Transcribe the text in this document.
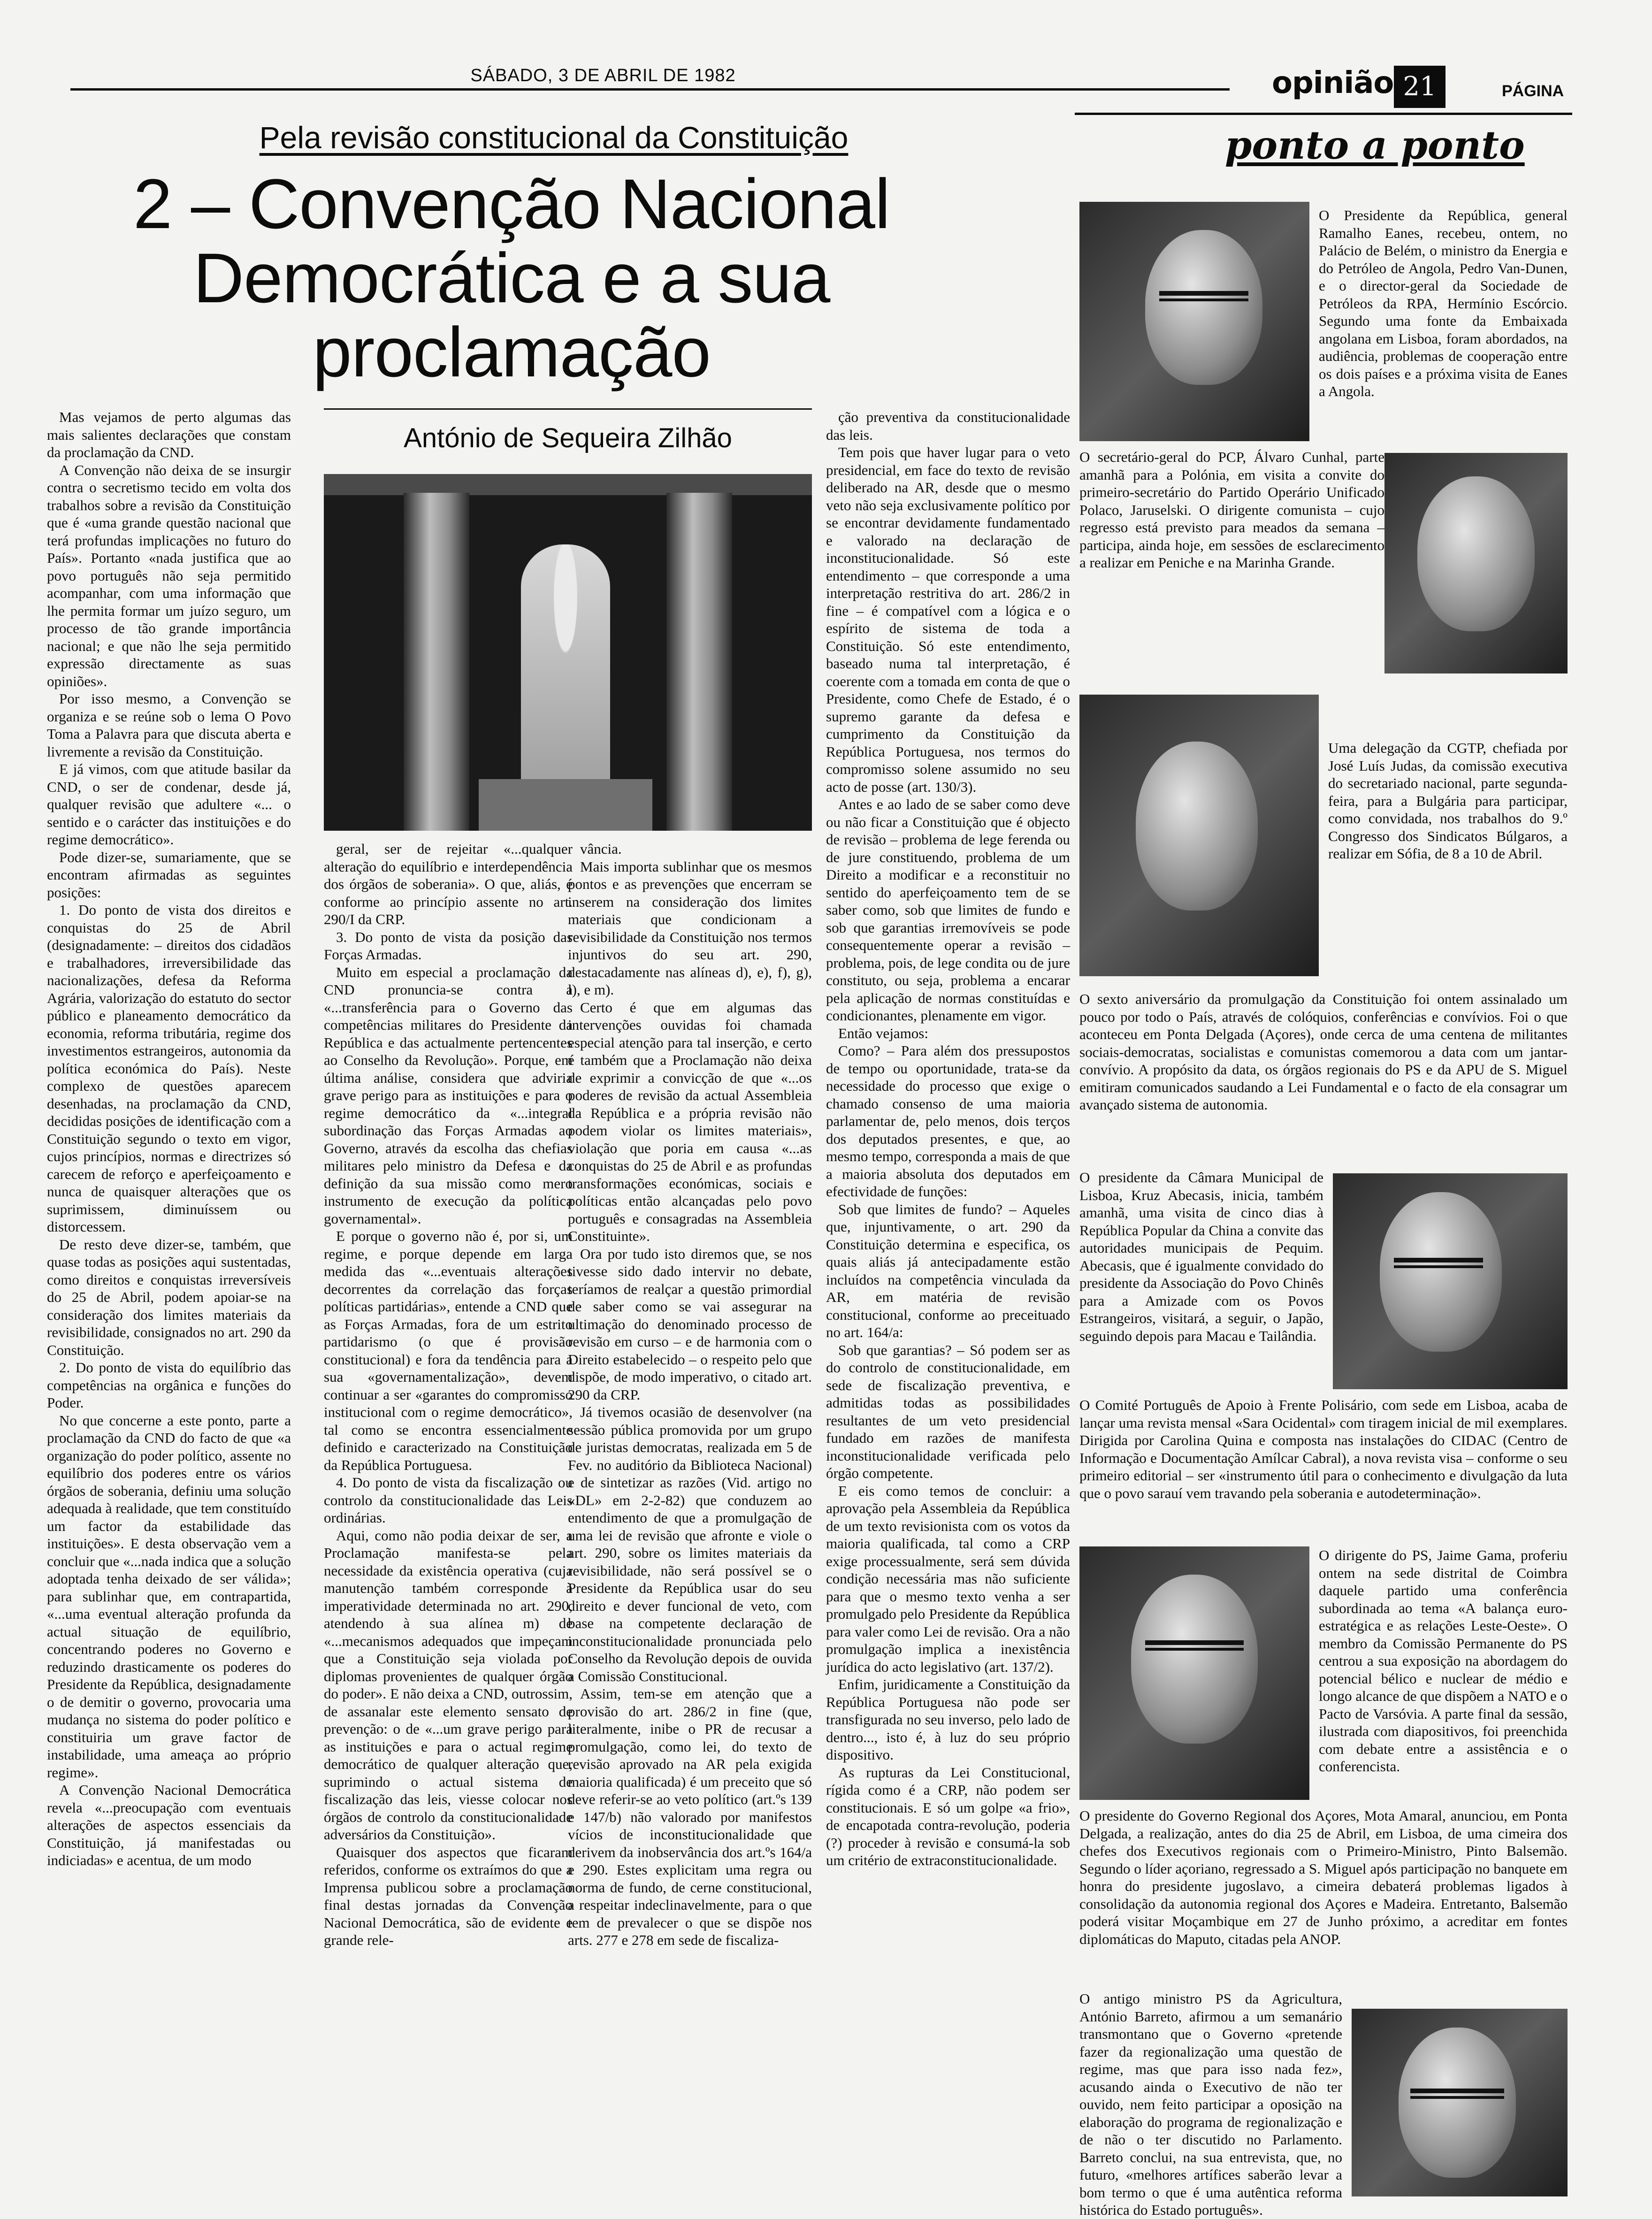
SÁBADO, 3 DE ABRIL DE 1982	opinião 21	PÁGINA
Pela revisão constitucional da Constituição
2 – Convenção Nacional Democrática e a sua proclamação
António de Sequeira Zilhão

Mas vejamos de perto algumas das mais salientes declarações que constam da proclamação da CND.

A Convenção não deixa de se insurgir contra o secretismo tecido em volta dos trabalhos sobre a revisão da Constituição que é «uma grande questão nacional que terá profundas implicações no futuro do País». Portanto «nada justifica que ao povo português não seja permitido acompanhar, com uma informação que lhe permita formar um juízo seguro, um processo de tão grande importância nacional; e que não lhe seja permitido expressão directamente as suas opiniões».

Por isso mesmo, a Convenção se organiza e se reúne sob o lema O Povo Toma a Palavra para que discuta aberta e livremente a revisão da Constituição.

E já vimos, com que atitude basilar da CND, o ser de condenar, desde já, qualquer revisão que adultere «... o sentido e o carácter das instituições e do regime democrático».

Pode dizer-se, sumariamente, que se encontram afirmadas as seguintes posições:

1. Do ponto de vista dos direitos e conquistas do 25 de Abril (designadamente: – direitos dos cidadãos e trabalhadores, irreversibilidade das nacionalizações, defesa da Reforma Agrária, valorização do estatuto do sector público e planeamento democrático da economia, reforma tributária, regime dos investimentos estrangeiros, autonomia da política económica do País). Neste complexo de questões aparecem desenhadas, na proclamação da CND, decididas posições de identificação com a Constituição segundo o texto em vigor, cujos princípios, normas e directrizes só carecem de reforço e aperfeiçoamento e nunca de quaisquer alterações que os suprimissem, diminuíssem ou distorcessem.

De resto deve dizer-se, também, que quase todas as posições aqui sustentadas, como direitos e conquistas irreversíveis do 25 de Abril, podem apoiar-se na consideração dos limites materiais da revisibilidade, consignados no art. 290 da Constituição.

2. Do ponto de vista do equilíbrio das competências na orgânica e funções do Poder.

No que concerne a este ponto, parte a proclamação da CND do facto de que «a organização do poder político, assente no equilíbrio dos poderes entre os vários órgãos de soberania, definiu uma solução adequada à realidade, que tem constituído um factor da estabilidade das instituições». E desta observação vem a concluir que «...nada indica que a solução adoptada tenha deixado de ser válida»; para sublinhar que, em contrapartida, «...uma eventual alteração profunda da actual situação de equilíbrio, concentrando poderes no Governo e reduzindo drasticamente os poderes do Presidente da República, designadamente o de demitir o governo, provocaria uma mudança no sistema do poder político e constituiria um grave factor de instabilidade, uma ameaça ao próprio regime».

A Convenção Nacional Democrática revela «...preocupação com eventuais alterações de aspectos essenciais da Constituição, já manifestadas ou indiciadas» e acentua, de um modo

geral, ser de rejeitar «...qualquer alteração do equilíbrio e interdependência dos órgãos de soberania». O que, aliás, é conforme ao princípio assente no art. 290/I da CRP.

3. Do ponto de vista da posição das Forças Armadas.

Muito em especial a proclamação da CND pronuncia-se contra a «...transferência para o Governo das competências militares do Presidente da República e das actualmente pertencentes ao Conselho da Revolução». Porque, em última análise, considera que adviria grave perigo para as instituições e para o regime democrático da «...integral subordinação das Forças Armadas ao Governo, através da escolha das chefias militares pelo ministro da Defesa e da definição da sua missão como mero instrumento de execução da política governamental».

E porque o governo não é, por si, um regime, e porque depende em larga medida das «...eventuais alterações decorrentes da correlação das forças políticas partidárias», entende a CND que as Forças Armadas, fora de um estrito partidarismo (o que é provisão constitucional) e fora da tendência para a sua «governamentalização», devem continuar a ser «garantes do compromisso institucional com o regime democrático», tal como se encontra essencialmente definido e caracterizado na Constituição da República Portuguesa.

4. Do ponto de vista da fiscalização ou controlo da constitucionalidade das Leis ordinárias.

Aqui, como não podia deixar de ser, a Proclamação manifesta-se pela necessidade da existência operativa (cuja manutenção também corresponde à imperatividade determinada no art. 290, atendendo à sua alínea m) de «...mecanismos adequados que impeçam que a Constituição seja violada por diplomas provenientes de qualquer órgão do poder». E não deixa a CND, outrossim, de assanalar este elemento sensato de prevenção: o de «...um grave perigo para as instituições e para o actual regime democrático de qualquer alteração que, suprimindo o actual sistema de fiscalização das leis, viesse colocar nos órgãos de controlo da constitucionalidade adversários da Constituição».

Quaisquer dos aspectos que ficaram referidos, conforme os extraímos do que a Imprensa publicou sobre a proclamação final destas jornadas da Convenção Nacional Democrática, são de evidente e grande rele-

vância.

Mais importa sublinhar que os mesmos pontos e as prevenções que encerram se inserem na consideração dos limites materiais que condicionam a revisibilidade da Constituição nos termos injuntivos do seu art. 290, destacadamente nas alíneas d), e), f), g), l), e m).

Certo é que em algumas das intervenções ouvidas foi chamada especial atenção para tal inserção, e certo é também que a Proclamação não deixa de exprimir a convicção de que «...os poderes de revisão da actual Assembleia da República e a própria revisão não podem violar os limites materiais», violação que poria em causa «...as conquistas do 25 de Abril e as profundas transformações económicas, sociais e políticas então alcançadas pelo povo português e consagradas na Assembleia Constituinte».

Ora por tudo isto diremos que, se nos tivesse sido dado intervir no debate, teríamos de realçar a questão primordial de saber como se vai assegurar na ultimação do denominado processo de revisão em curso – e de harmonia com o Direito estabelecido – o respeito pelo que dispõe, de modo imperativo, o citado art. 290 da CRP.

Já tivemos ocasião de desenvolver (na sessão pública promovida por um grupo de juristas democratas, realizada em 5 de Fev. no auditório da Biblioteca Nacional) e de sintetizar as razões (Vid. artigo no «DL» em 2-2-82) que conduzem ao entendimento de que a promulgação de uma lei de revisão que afronte e viole o art. 290, sobre os limites materiais da revisibilidade, não será possível se o Presidente da República usar do seu direito e dever funcional de veto, com base na competente declaração de inconstitucionalidade pronunciada pelo Conselho da Revolução depois de ouvida a Comissão Constitucional.

Assim, tem-se em atenção que a provisão do art. 286/2 in fine (que, literalmente, inibe o PR de recusar a promulgação, como lei, do texto de revisão aprovado na AR pela exigida maioria qualificada) é um preceito que só deve referir-se ao veto político (art.ºs 139 e 147/b) não valorado por manifestos vícios de inconstitucionalidade que derivem da inobservância dos art.ºs 164/a e 290. Estes explicitam uma regra ou norma de fundo, de cerne constitucional, a respeitar indeclinavelmente, para o que tem de prevalecer o que se dispõe nos arts. 277 e 278 em sede de fiscaliza-

ção preventiva da constitucionalidade das leis.

Tem pois que haver lugar para o veto presidencial, em face do texto de revisão deliberado na AR, desde que o mesmo veto não seja exclusivamente político por se encontrar devidamente fundamentado e valorado na declaração de inconstitucionalidade. Só este entendimento – que corresponde a uma interpretação restritiva do art. 286/2 in fine – é compatível com a lógica e o espírito de sistema de toda a Constituição. Só este entendimento, baseado numa tal interpretação, é coerente com a tomada em conta de que o Presidente, como Chefe de Estado, é o supremo garante da defesa e cumprimento da Constituição da República Portuguesa, nos termos do compromisso solene assumido no seu acto de posse (art. 130/3).

Antes e ao lado de se saber como deve ou não ficar a Constituição que é objecto de revisão – problema de lege ferenda ou de jure constituendo, problema de um Direito a modificar e a reconstituir no sentido do aperfeiçoamento tem de se saber como, sob que limites de fundo e sob que garantias irremovíveis se pode consequentemente operar a revisão – problema, pois, de lege condita ou de jure constituto, ou seja, problema a encarar pela aplicação de normas constituídas e condicionantes, plenamente em vigor.

Então vejamos:

Como? – Para além dos pressupostos de tempo ou oportunidade, trata-se da necessidade do processo que exige o chamado consenso de uma maioria parlamentar de, pelo menos, dois terços dos deputados presentes, e que, ao mesmo tempo, corresponda a mais de que a maioria absoluta dos deputados em efectividade de funções:

Sob que limites de fundo? – Aqueles que, injuntivamente, o art. 290 da Constituição determina e especifica, os quais aliás já antecipadamente estão incluídos na competência vinculada da AR, em matéria de revisão constitucional, conforme ao preceituado no art. 164/a:

Sob que garantias? – Só podem ser as do controlo de constitucionalidade, em sede de fiscalização preventiva, e admitidas todas as possibilidades resultantes de um veto presidencial fundado em razões de manifesta inconstitucionalidade verificada pelo órgão competente.

E eis como temos de concluir: a aprovação pela Assembleia da República de um texto revisionista com os votos da maioria qualificada, tal como a CRP exige processualmente, será sem dúvida condição necessária mas não suficiente para que o mesmo texto venha a ser promulgado pelo Presidente da República para valer como Lei de revisão. Ora a não promulgação implica a inexistência jurídica do acto legislativo (art. 137/2).

Enfim, juridicamente a Constituição da República Portuguesa não pode ser transfigurada no seu inverso, pelo lado de dentro..., isto é, à luz do seu próprio dispositivo.

As rupturas da Lei Constitucional, rígida como é a CRP, não podem ser constitucionais. E só um golpe «a frio», de encapotada contra-revolução, poderia (?) proceder à revisão e consumá-la sob um critério de extraconstitucionalidade.

ponto a ponto
O Presidente da República, general Ramalho Eanes, recebeu, ontem, no Palácio de Belém, o ministro da Energia e do Petróleo de Angola, Pedro Van-Dunen, e o director-geral da Sociedade de Petróleos da RPA, Hermínio Escórcio. Segundo uma fonte da Embaixada angolana em Lisboa, foram abordados, na audiência, problemas de cooperação entre os dois países e a próxima visita de Eanes a Angola.
O secretário-geral do PCP, Álvaro Cunhal, parte amanhã para a Polónia, em visita a convite do primeiro-secretário do Partido Operário Unificado Polaco, Jaruselski. O dirigente comunista – cujo regresso está previsto para meados da semana – participa, ainda hoje, em sessões de esclarecimento a realizar em Peniche e na Marinha Grande.
Uma delegação da CGTP, chefiada por José Luís Judas, da comissão executiva do secretariado nacional, parte segunda-feira, para a Bulgária para participar, como convidada, nos trabalhos do 9.º Congresso dos Sindicatos Búlgaros, a realizar em Sófia, de 8 a 10 de Abril.
O sexto aniversário da promulgação da Constituição foi ontem assinalado um pouco por todo o País, através de colóquios, conferências e convívios. Foi o que aconteceu em Ponta Delgada (Açores), onde cerca de uma centena de militantes sociais-democratas, socialistas e comunistas comemorou a data com um jantar-convívio. A propósito da data, os órgãos regionais do PS e da APU de S. Miguel emitiram comunicados saudando a Lei Fundamental e o facto de ela consagrar um avançado sistema de autonomia.
O presidente da Câmara Municipal de Lisboa, Kruz Abecasis, inicia, também amanhã, uma visita de cinco dias à República Popular da China a convite das autoridades municipais de Pequim. Abecasis, que é igualmente convidado do presidente da Associação do Povo Chinês para a Amizade com os Povos Estrangeiros, visitará, a seguir, o Japão, seguindo depois para Macau e Tailândia.
O Comité Português de Apoio à Frente Polisário, com sede em Lisboa, acaba de lançar uma revista mensal «Sara Ocidental» com tiragem inicial de mil exemplares. Dirigida por Carolina Quina e composta nas instalações do CIDAC (Centro de Informação e Documentação Amílcar Cabral), a nova revista visa – conforme o seu primeiro editorial – ser «instrumento útil para o conhecimento e divulgação da luta que o povo sarauí vem travando pela soberania e autodeterminação».
O dirigente do PS, Jaime Gama, proferiu ontem na sede distrital de Coimbra daquele partido uma conferência subordinada ao tema «A balança euro-estratégica e as relações Leste-Oeste». O membro da Comissão Permanente do PS centrou a sua exposição na abordagem do potencial bélico e nuclear de médio e longo alcance de que dispõem a NATO e o Pacto de Varsóvia. A parte final da sessão, ilustrada com diapositivos, foi preenchida com debate entre a assistência e o conferencista.
O presidente do Governo Regional dos Açores, Mota Amaral, anunciou, em Ponta Delgada, a realização, antes do dia 25 de Abril, em Lisboa, de uma cimeira dos chefes dos Executivos regionais com o Primeiro-Ministro, Pinto Balsemão. Segundo o líder açoriano, regressado a S. Miguel após participação no banquete em honra do presidente jugoslavo, a cimeira debaterá problemas ligados à consolidação da autonomia regional dos Açores e Madeira. Entretanto, Balsemão poderá visitar Moçambique em 27 de Junho próximo, a acreditar em fontes diplomáticas do Maputo, citadas pela ANOP.
O antigo ministro PS da Agricultura, António Barreto, afirmou a um semanário transmontano que o Governo «pretende fazer da regionalização uma questão de regime, mas que para isso nada fez», acusando ainda o Executivo de não ter ouvido, nem feito participar a oposição na elaboração do programa de regionalização e de não o ter discutido no Parlamento. Barreto conclui, na sua entrevista, que, no futuro, «melhores artífices saberão levar a bom termo o que é uma autêntica reforma histórica do Estado português».
